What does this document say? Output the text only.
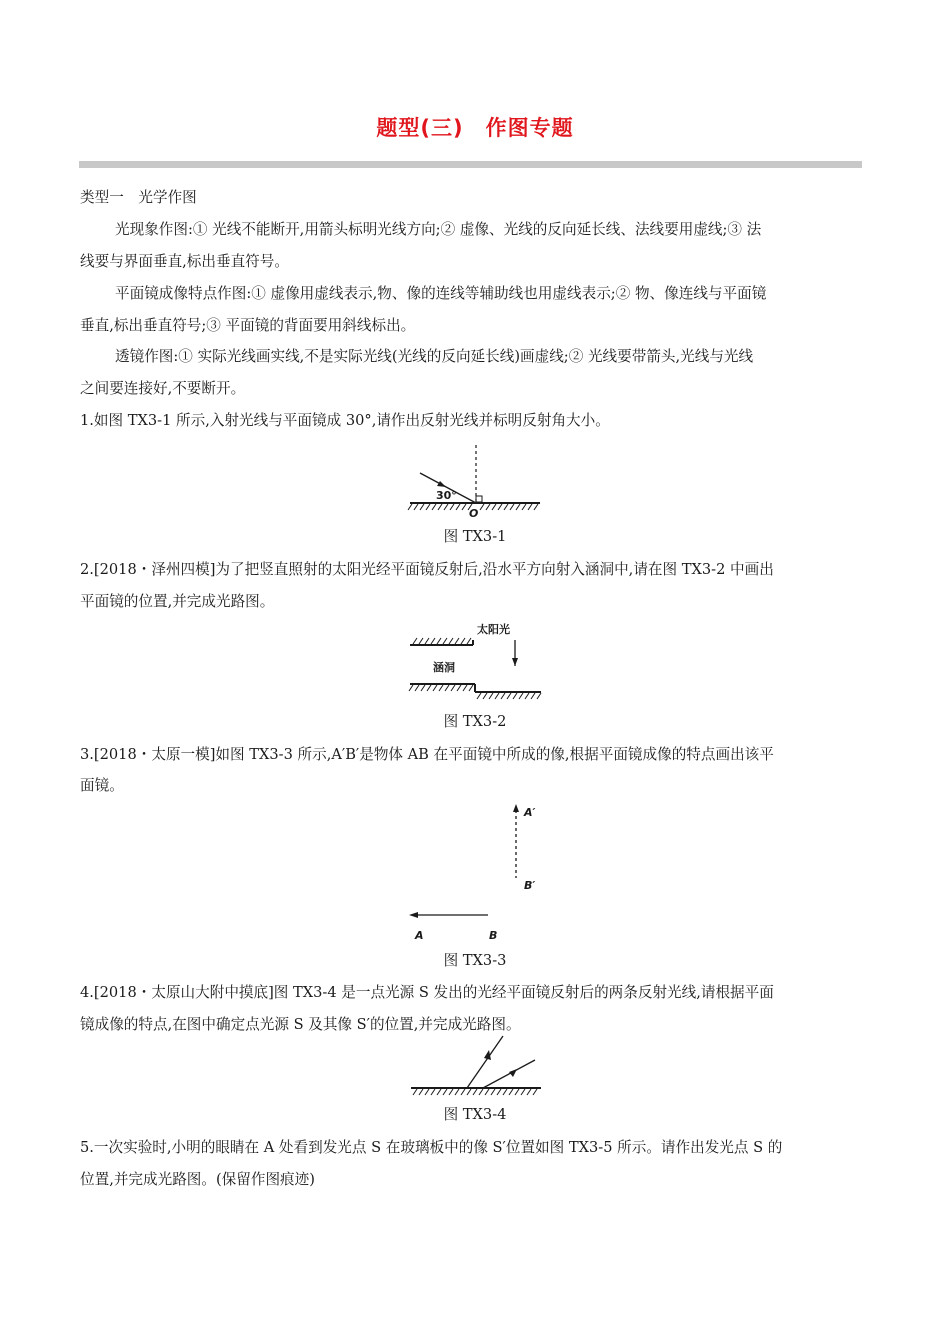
题型(三)　作图专题
类型一　光学作图
光现象作图:① 光线不能断开,用箭头标明光线方向;② 虚像、光线的反向延长线、法线要用虚线;③ 法
线要与界面垂直,标出垂直符号。
平面镜成像特点作图:① 虚像用虚线表示,物、像的连线等辅助线也用虚线表示;② 物、像连线与平面镜
垂直,标出垂直符号;③ 平面镜的背面要用斜线标出。
透镜作图:① 实际光线画实线,不是实际光线(光线的反向延长线)画虚线;② 光线要带箭头,光线与光线
之间要连接好,不要断开。
1.如图 TX3-1 所示,入射光线与平面镜成 30°,请作出反射光线并标明反射角大小。
30°
O
图 TX3-1
2.[2018・泽州四模]为了把竖直照射的太阳光经平面镜反射后,沿水平方向射入涵洞中,请在图 TX3-2 中画出
平面镜的位置,并完成光路图。
太阳光
涵洞
图 TX3-2
3.[2018・太原一模]如图 TX3-3 所示,A′B′是物体 AB 在平面镜中所成的像,根据平面镜成像的特点画出该平
面镜。
A′
B′
A	B
图 TX3-3
4.[2018・太原山大附中摸底]图 TX3-4 是一点光源 S 发出的光经平面镜反射后的两条反射光线,请根据平面
镜成像的特点,在图中确定点光源 S 及其像 S′的位置,并完成光路图。
图 TX3-4
5.一次实验时,小明的眼睛在 A 处看到发光点 S 在玻璃板中的像 S′位置如图 TX3-5 所示。请作出发光点 S 的
位置,并完成光路图。(保留作图痕迹)
